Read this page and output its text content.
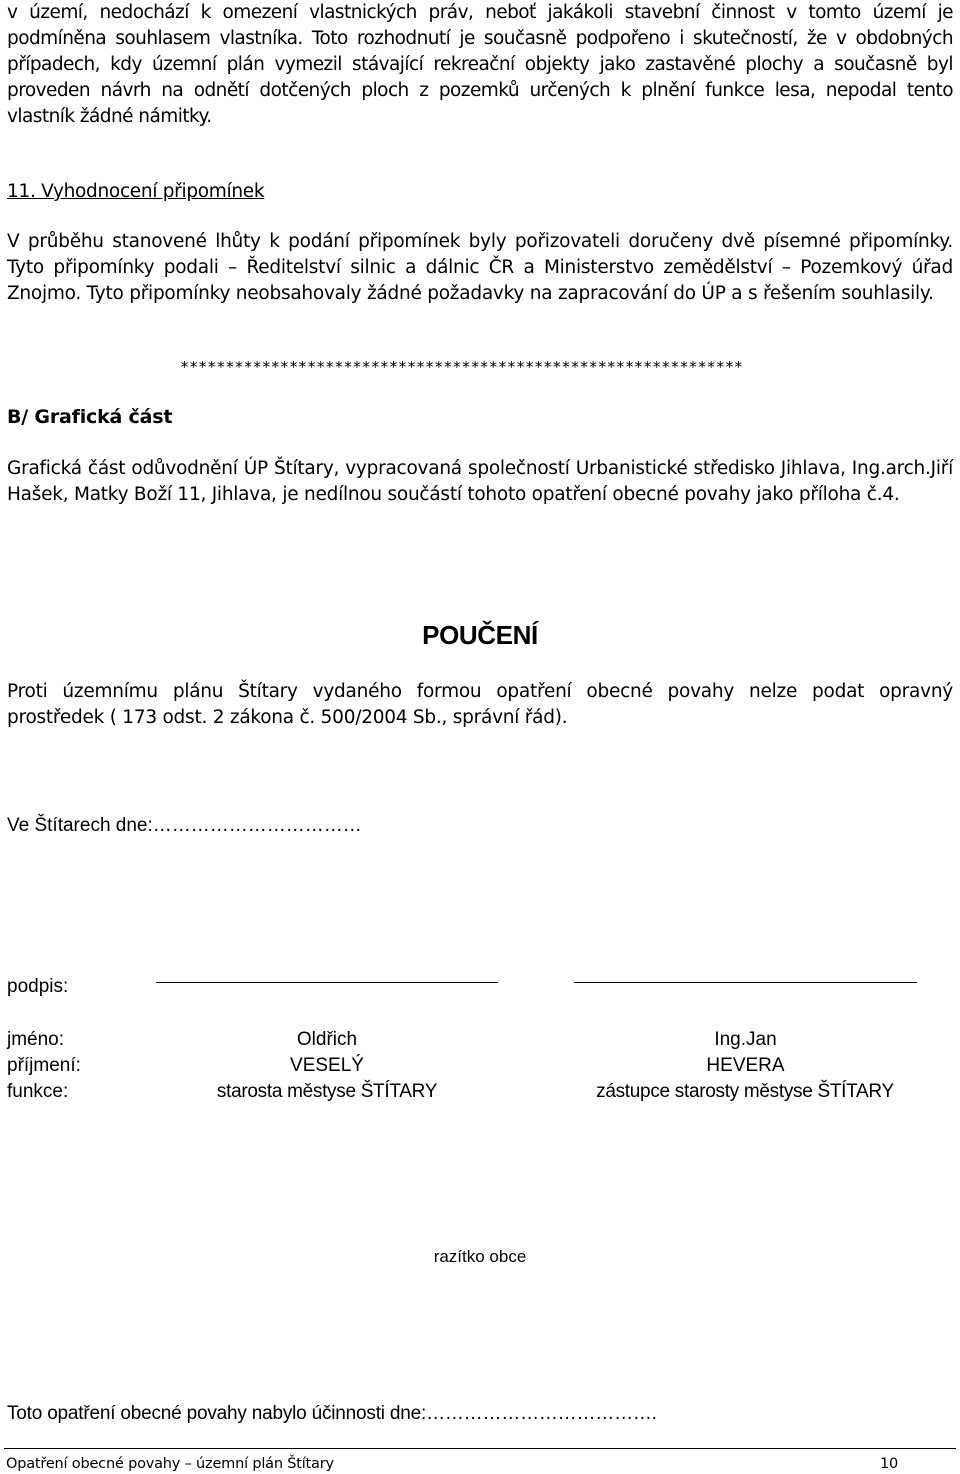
v území, nedochází k omezení vlastnických práv, neboť jakákoli stavební činnost v tomto území je podmíněna souhlasem vlastníka. Toto rozhodnutí je současně podpořeno i skutečností, že v obdobných případech, kdy územní plán vymezil stávající rekreační objekty jako zastavěné plochy a současně byl proveden návrh na odnětí dotčených ploch z pozemků určených k plnění funkce lesa, nepodal tento vlastník žádné námitky.
11. Vyhodnocení připomínek
V průběhu stanovené lhůty k podání připomínek byly pořizovateli doručeny dvě písemné připomínky. Tyto připomínky podali – Ředitelství silnic a dálnic ČR a Ministerstvo zemědělství – Pozemkový úřad Znojmo. Tyto připomínky neobsahovaly žádné požadavky na zapracování do ÚP a s řešením souhlasily.
**************************************************************
B/ Grafická část
Grafická část odůvodnění ÚP Štítary, vypracovaná společností Urbanistické středisko Jihlava, Ing.arch.Jiří Hašek, Matky Boží 11, Jihlava, je nedílnou součástí tohoto opatření obecné povahy jako příloha č.4.
POUČENÍ
Proti územnímu plánu Štítary vydaného formou opatření obecné povahy nelze podat opravný prostředek ( 173 odst. 2 zákona č. 500/2004 Sb., správní řád).
Ve Štítarech dne:……………………………
podpis:
jméno:	Oldřich	Ing.Jan
příjmení:	VESELÝ	HEVERA
funkce:	starosta městyse ŠTÍTARY	zástupce starosty městyse ŠTÍTARY
razítko obce
Toto opatření obecné povahy nabylo účinnosti dne:……………………………….
Opatření obecné povahy – územní plán Štítary	10
